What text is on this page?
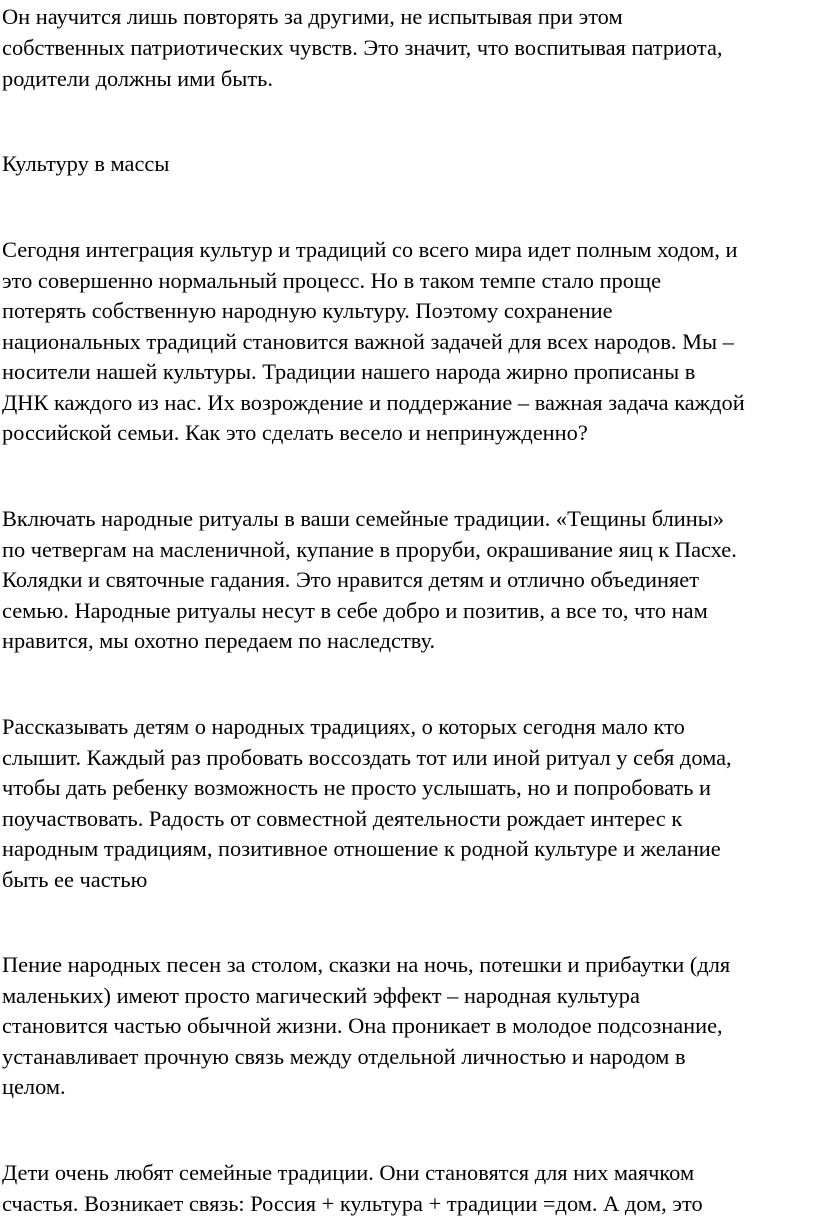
Он научится лишь повторять за другими, не испытывая при этом

собственных патриотических чувств. Это значит, что воспитывая патриота,

родители должны ими быть.

Культуру в массы

Сегодня интеграция культур и традиций со всего мира идет полным ходом, и

это совершенно нормальный процесс. Но в таком темпе стало проще

потерять собственную народную культуру. Поэтому сохранение

национальных традиций становится важной задачей для всех народов. Мы –

носители нашей культуры. Традиции нашего народа жирно прописаны в

ДНК каждого из нас. Их возрождение и поддержание – важная задача каждой

российской семьи. Как это сделать весело и непринужденно?

Включать народные ритуалы в ваши семейные традиции. «Тещины блины»

по четвергам на масленичной, купание в проруби, окрашивание яиц к Пасхе.

Колядки и святочные гадания. Это нравится детям и отлично объединяет

семью. Народные ритуалы несут в себе добро и позитив, а все то, что нам

нравится, мы охотно передаем по наследству.

Рассказывать детям о народных традициях, о которых сегодня мало кто

слышит. Каждый раз пробовать воссоздать тот или иной ритуал у себя дома,

чтобы дать ребенку возможность не просто услышать, но и попробовать и

поучаствовать. Радость от совместной деятельности рождает интерес к

народным традициям, позитивное отношение к родной культуре и желание

быть ее частью

Пение народных песен за столом, сказки на ночь, потешки и прибаутки (для

маленьких) имеют просто магический эффект – народная культура

становится частью обычной жизни. Она проникает в молодое подсознание,

устанавливает прочную связь между отдельной личностью и народом в

целом.

Дети очень любят семейные традиции. Они становятся для них маячком

счастья. Возникает связь: Россия + культура + традиции =дом. А дом, это
